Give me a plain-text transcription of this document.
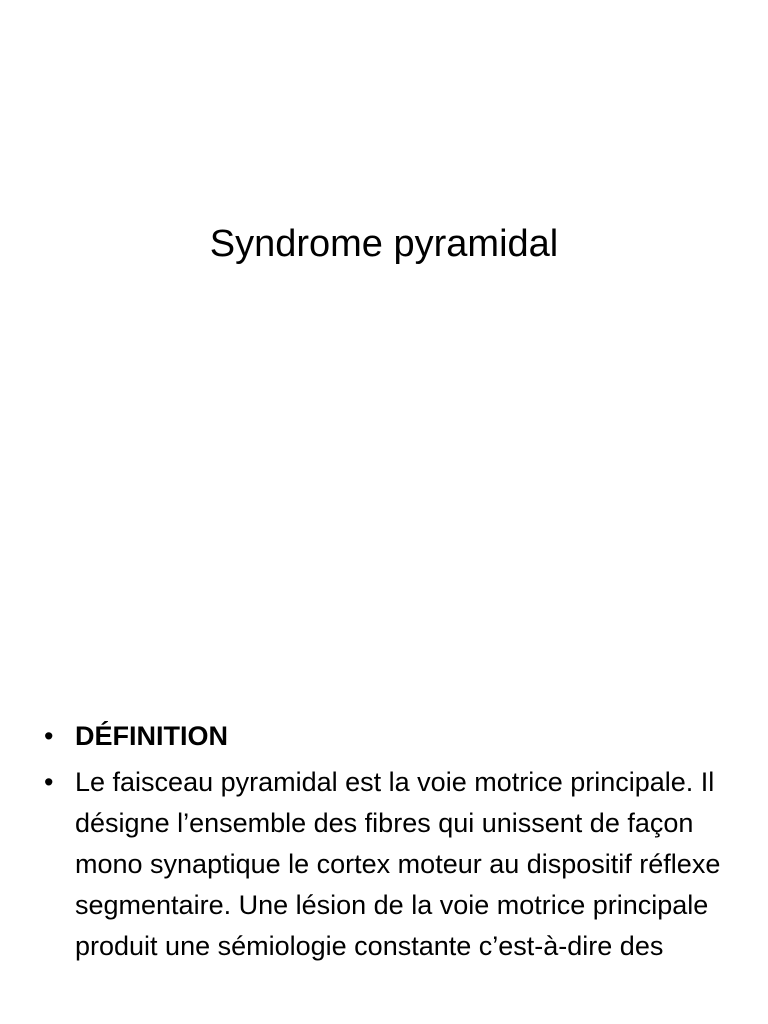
Syndrome pyramidal
• DÉFINITION
• Le faisceau pyramidal est la voie motrice principale. Il désigne l’ensemble des fibres qui unissent de façon mono synaptique le cortex moteur au dispositif réflexe segmentaire. Une lésion de la voie motrice principale produit une sémiologie constante c’est-à-dire des
